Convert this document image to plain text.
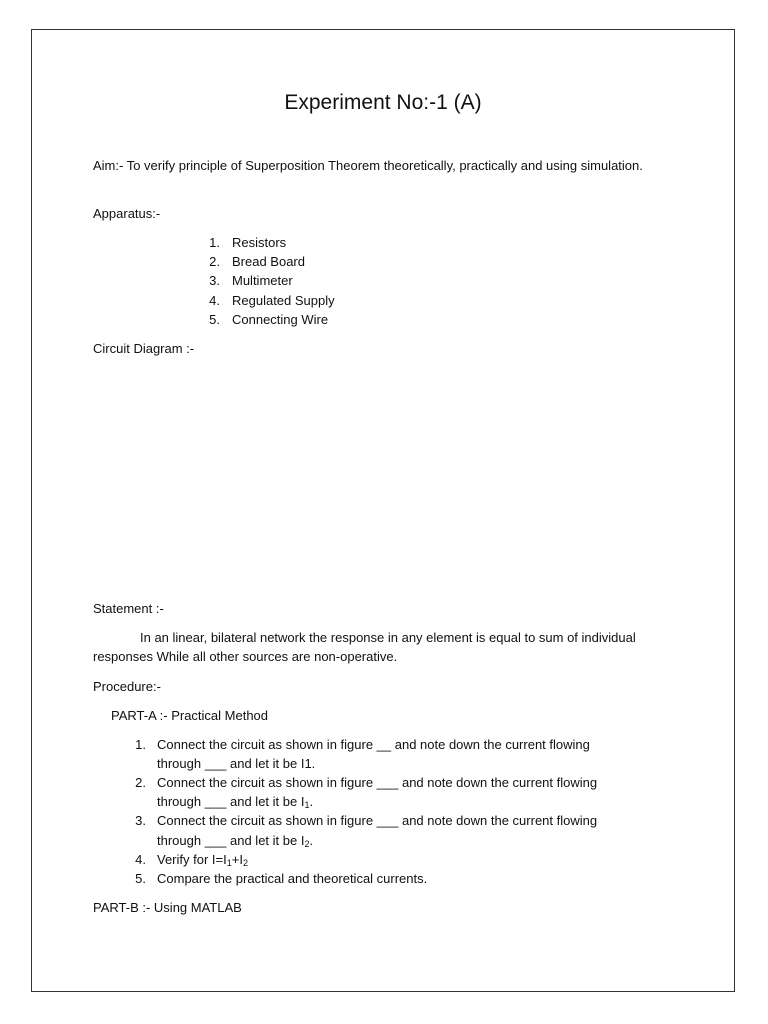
Experiment No:-1 (A)
Aim:- To verify principle of Superposition Theorem theoretically, practically and using simulation.
Apparatus:-
1. Resistors
2. Bread Board
3. Multimeter
4. Regulated Supply
5. Connecting Wire
Circuit Diagram :-
Statement :-
In an linear, bilateral network the response in any element is equal to sum of individual responses While all other sources are non-operative.
Procedure:-
PART-A :- Practical Method
1. Connect the circuit as shown in figure __ and note down the current flowing
through ___ and let it be I1.
2. Connect the circuit as shown in figure ___ and note down the current flowing
through ___ and let it be $I_1$.
3. Connect the circuit as shown in figure ___ and note down the current flowing
through ___ and let it be $I_2$.
4. Verify for $I=I_1+I_2$
5. Compare the practical and theoretical currents.
PART-B :- Using MATLAB
